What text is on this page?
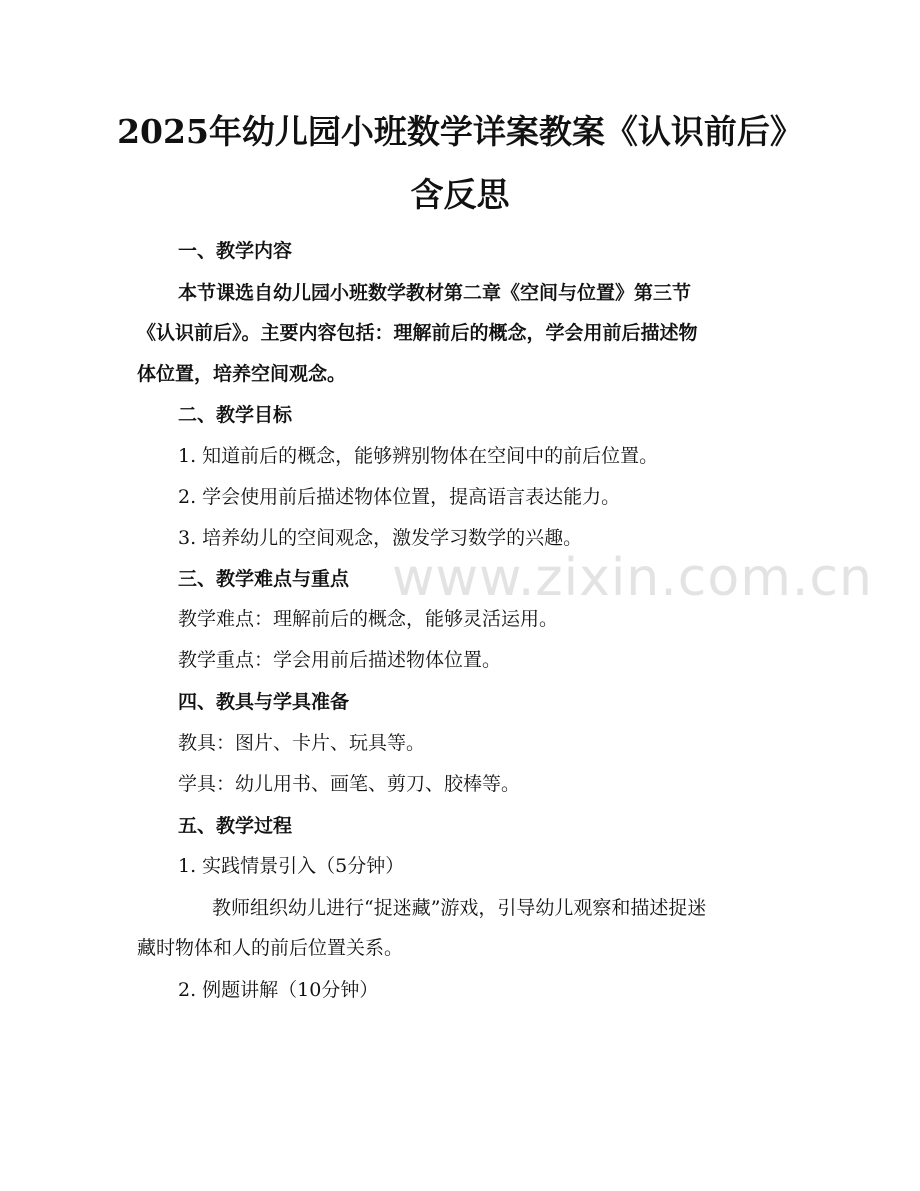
www.zixin.com.cn
2025年幼儿园小班数学详案教案《认识前后》
含反思
一、教学内容
本节课选自幼儿园小班数学教材第二章《空间与位置》第三节
《认识前后》。主要内容包括：理解前后的概念，学会用前后描述物
体位置，培养空间观念。
二、教学目标
1. 知道前后的概念，能够辨别物体在空间中的前后位置。
2. 学会使用前后描述物体位置，提高语言表达能力。
3. 培养幼儿的空间观念，激发学习数学的兴趣。
三、教学难点与重点
教学难点：理解前后的概念，能够灵活运用。
教学重点：学会用前后描述物体位置。
四、教具与学具准备
教具：图片、卡片、玩具等。
学具：幼儿用书、画笔、剪刀、胶棒等。
五、教学过程
1. 实践情景引入（5分钟）
教师组织幼儿进行“捉迷藏”游戏，引导幼儿观察和描述捉迷
藏时物体和人的前后位置关系。
2. 例题讲解（10分钟）
